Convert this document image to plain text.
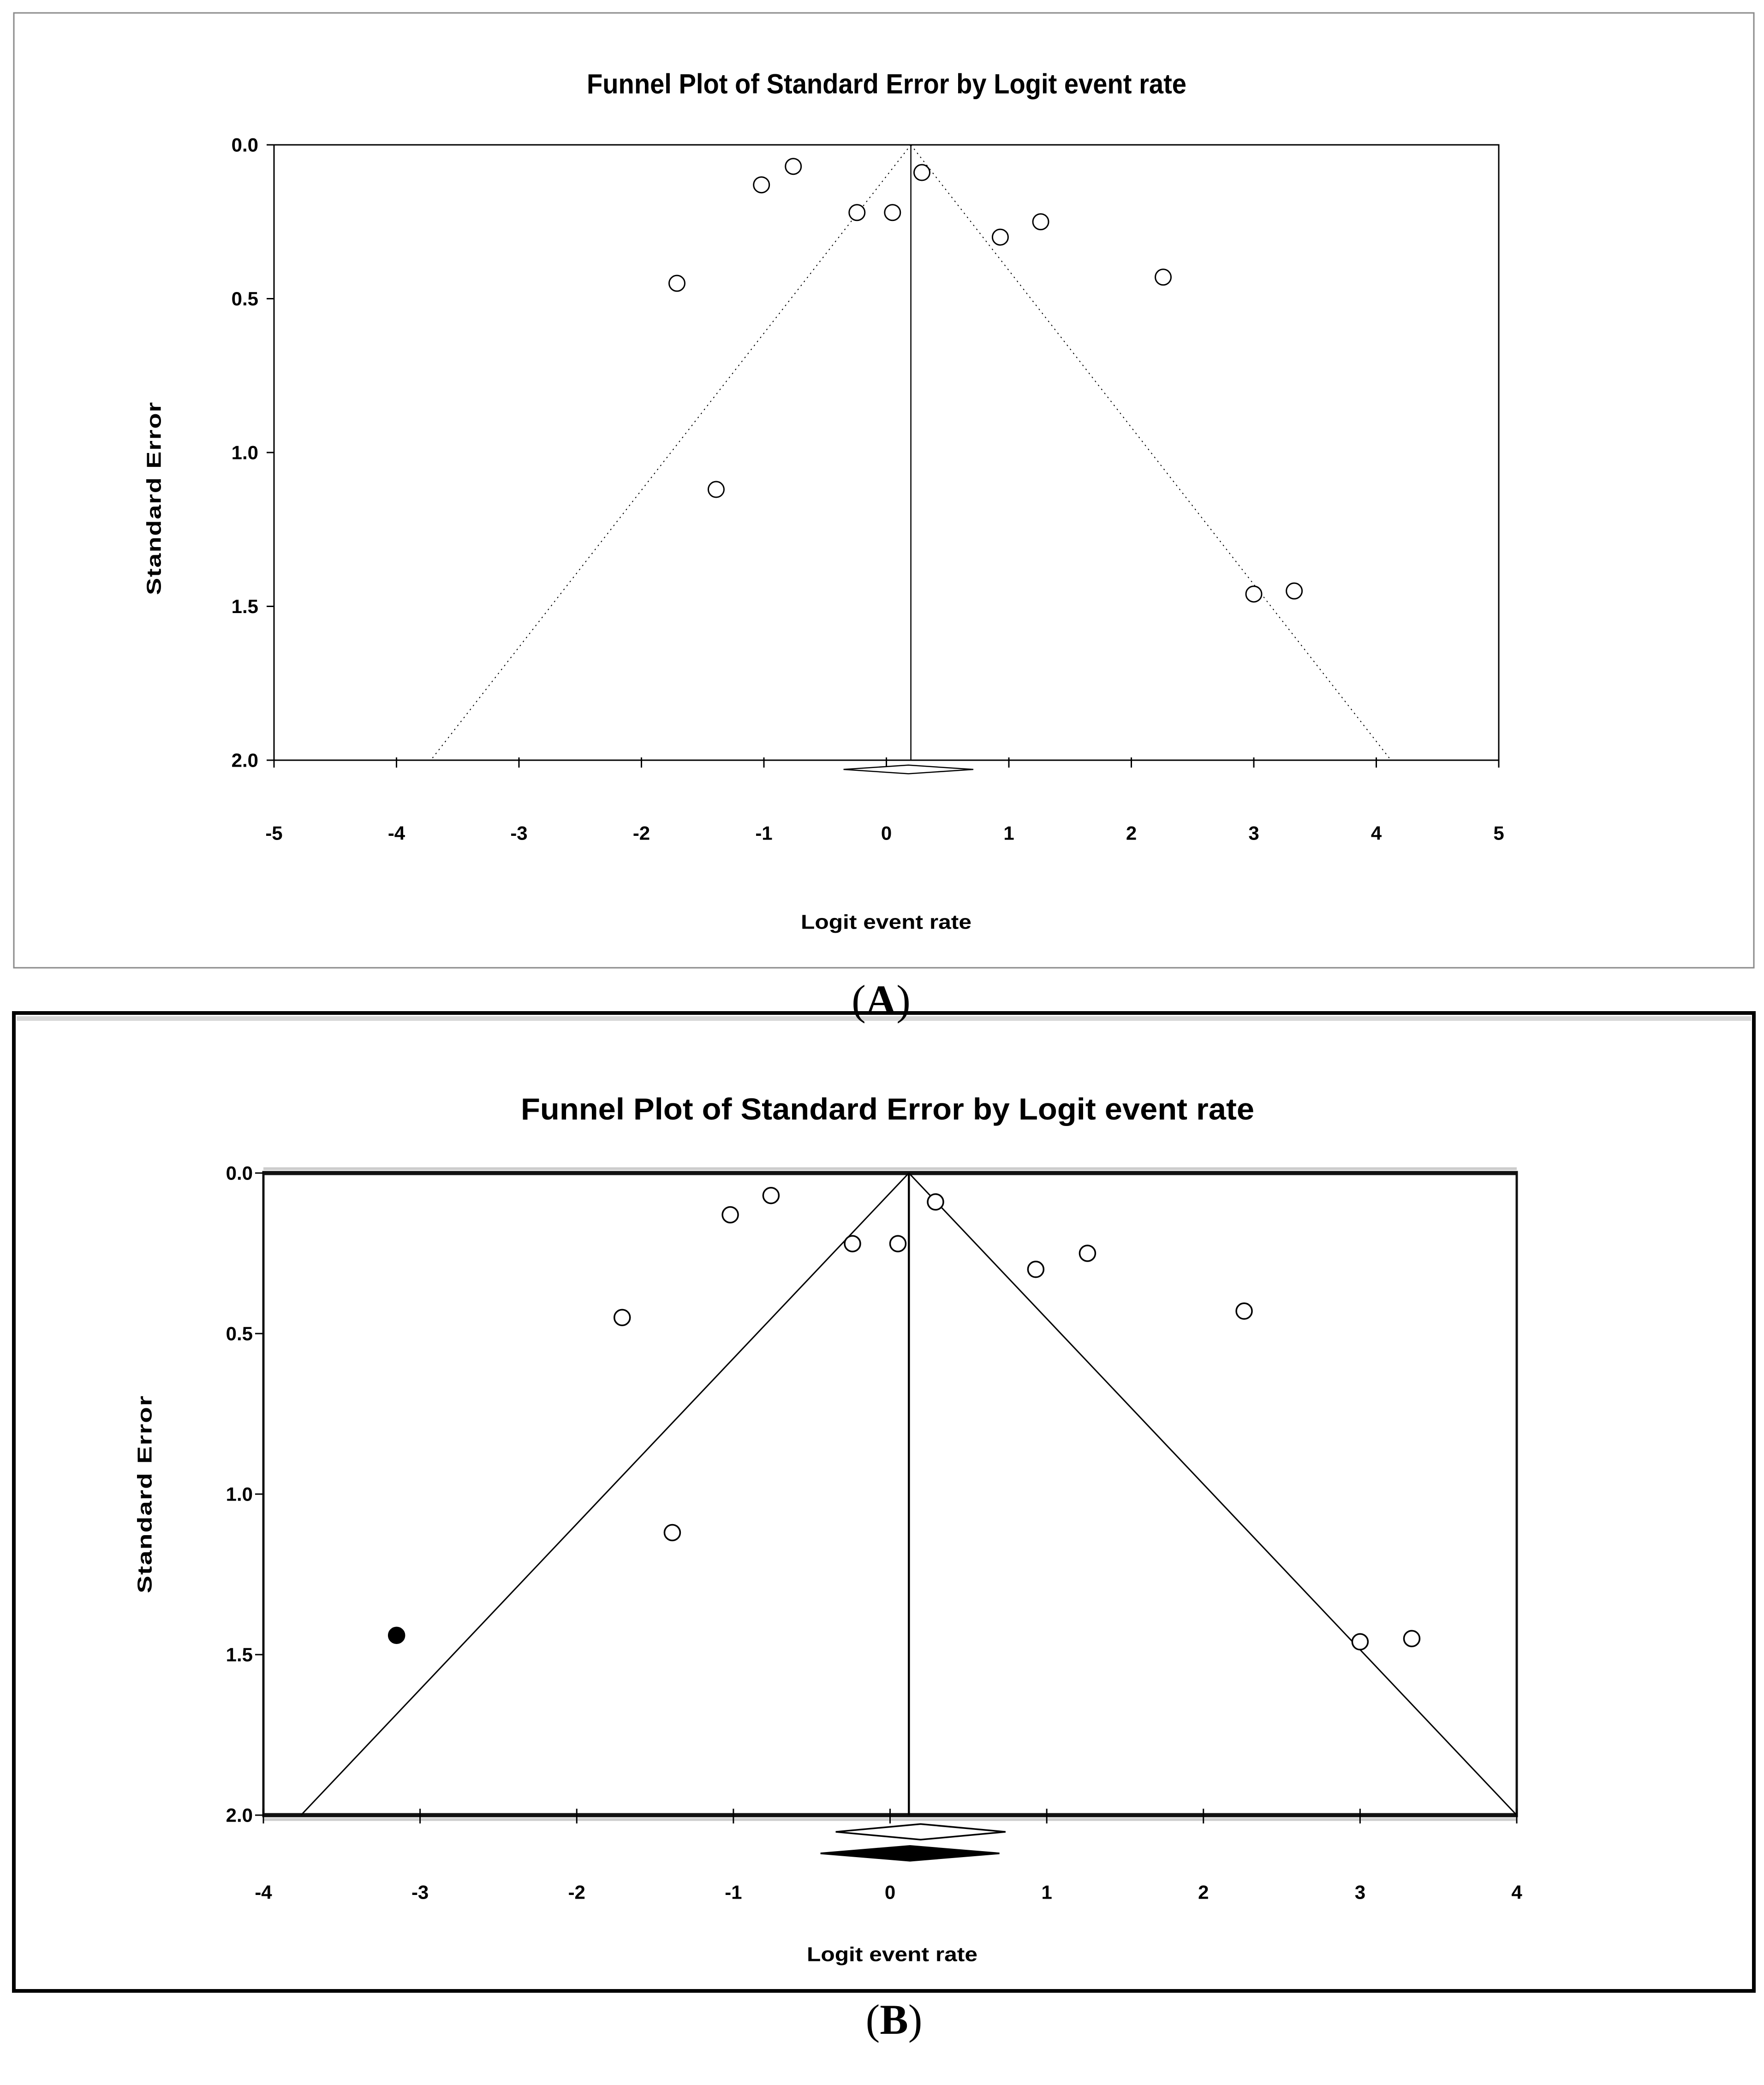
Funnel Plot of Standard Error by Logit event rate
Logit event rate
Standard Error
0.0
0.5
1.0
1.5
2.0
-5	-4	-3	-2	-1	0	1	2	3	4	5
Funnel Plot of Standard Error by Logit event rate
Logit event rate
Standard Error
0.0
0.5
1.0
1.5
2.0
-4	-3	-2	-1	0	1	2	3	4
(A)
(B)
